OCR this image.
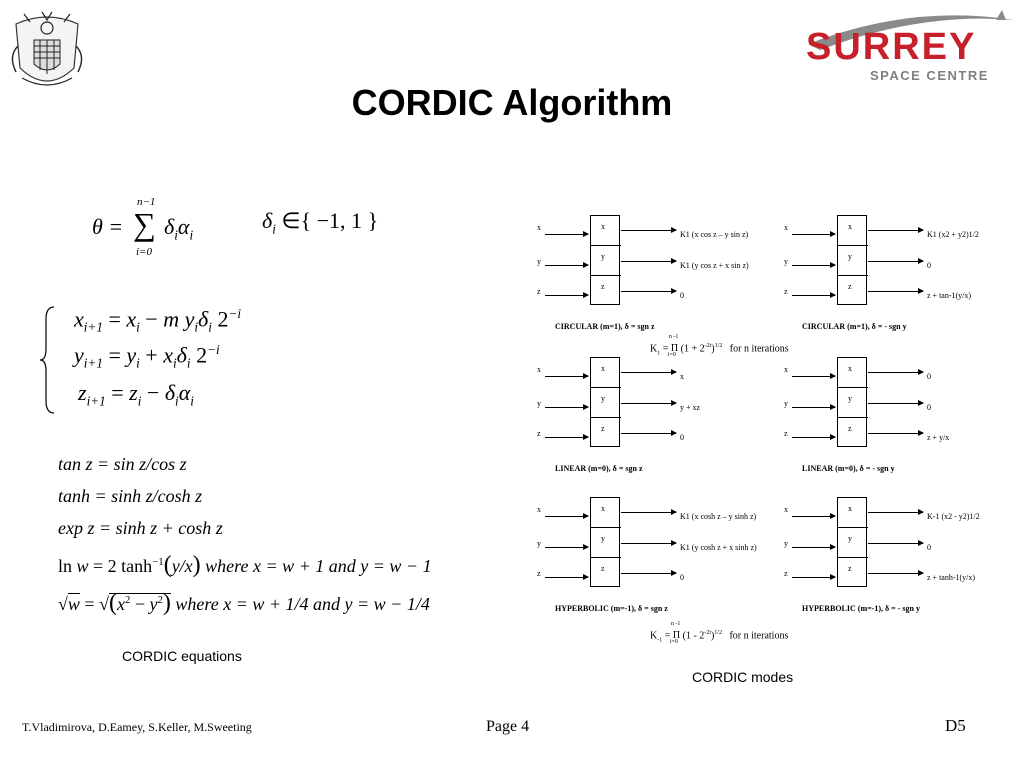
SURREY
SPACE CENTRE
CORDIC Algorithm
θ =
n−1
∑
i=0
$\delta_i\alpha_i$
$\delta_i$ ∈{ −1, 1 }
$x_{i+1} = x_i - m$ $y_i\delta_i$ $2^{-i}$
$y_{i+1} = y_i + x_i\delta_i$ $2^{-i}$
$z_{i+1} = z_i - \delta_i\alpha_i$
tan z = sin z/cos z
tanh = sinh z/cosh z
exp z = sinh z + cosh z
ln w = 2 $\tanh^{-1}(y/x)$ where x = w + 1 and y = w − 1
$√w = √(x^2 - y^2)$ where x = w + 1/4 and y = w − 1/4
CORDIC equations
CORDIC modes
x
y
z
x
y
z
K1 (x cos z – y sin z)
K1 (y cos z + x sin z)
0
CIRCULAR (m=1), δ = sgn z
x
y
z
x
y
z
K1 (x2 + y2)1/2
0
z + tan-1(y/x)
CIRCULAR (m=1), δ = - sgn y
x
y
z
x
y
z
x
y + xz
0
LINEAR (m=0), δ = sgn z
x
y
z
x
y
z
0
0
z + y/x
LINEAR (m=0), δ = - sgn y
x
y
z
x
y
z
K1 (x cosh z – y sinh z)
K1 (y cosh z + x sinh z)
0
HYPERBOLIC (m=-1), δ = sgn z
x
y
z
x
y
z
K-1 (x2 - y2)1/2
0
z + tanh-1(y/x)
HYPERBOLIC (m=-1), δ = - sgn y
$K_1 = \Pi$
n -1
i=0
$(1 + 2^{-2i})^{1/2}$ for n iterations
$K_{-1} = \Pi$
n -1
i=0
$(1 - 2^{-2i})^{1/2}$ for n iterations
T.Vladimirova, D.Eamey, S.Keller, M.Sweeting	Page 4	D5
